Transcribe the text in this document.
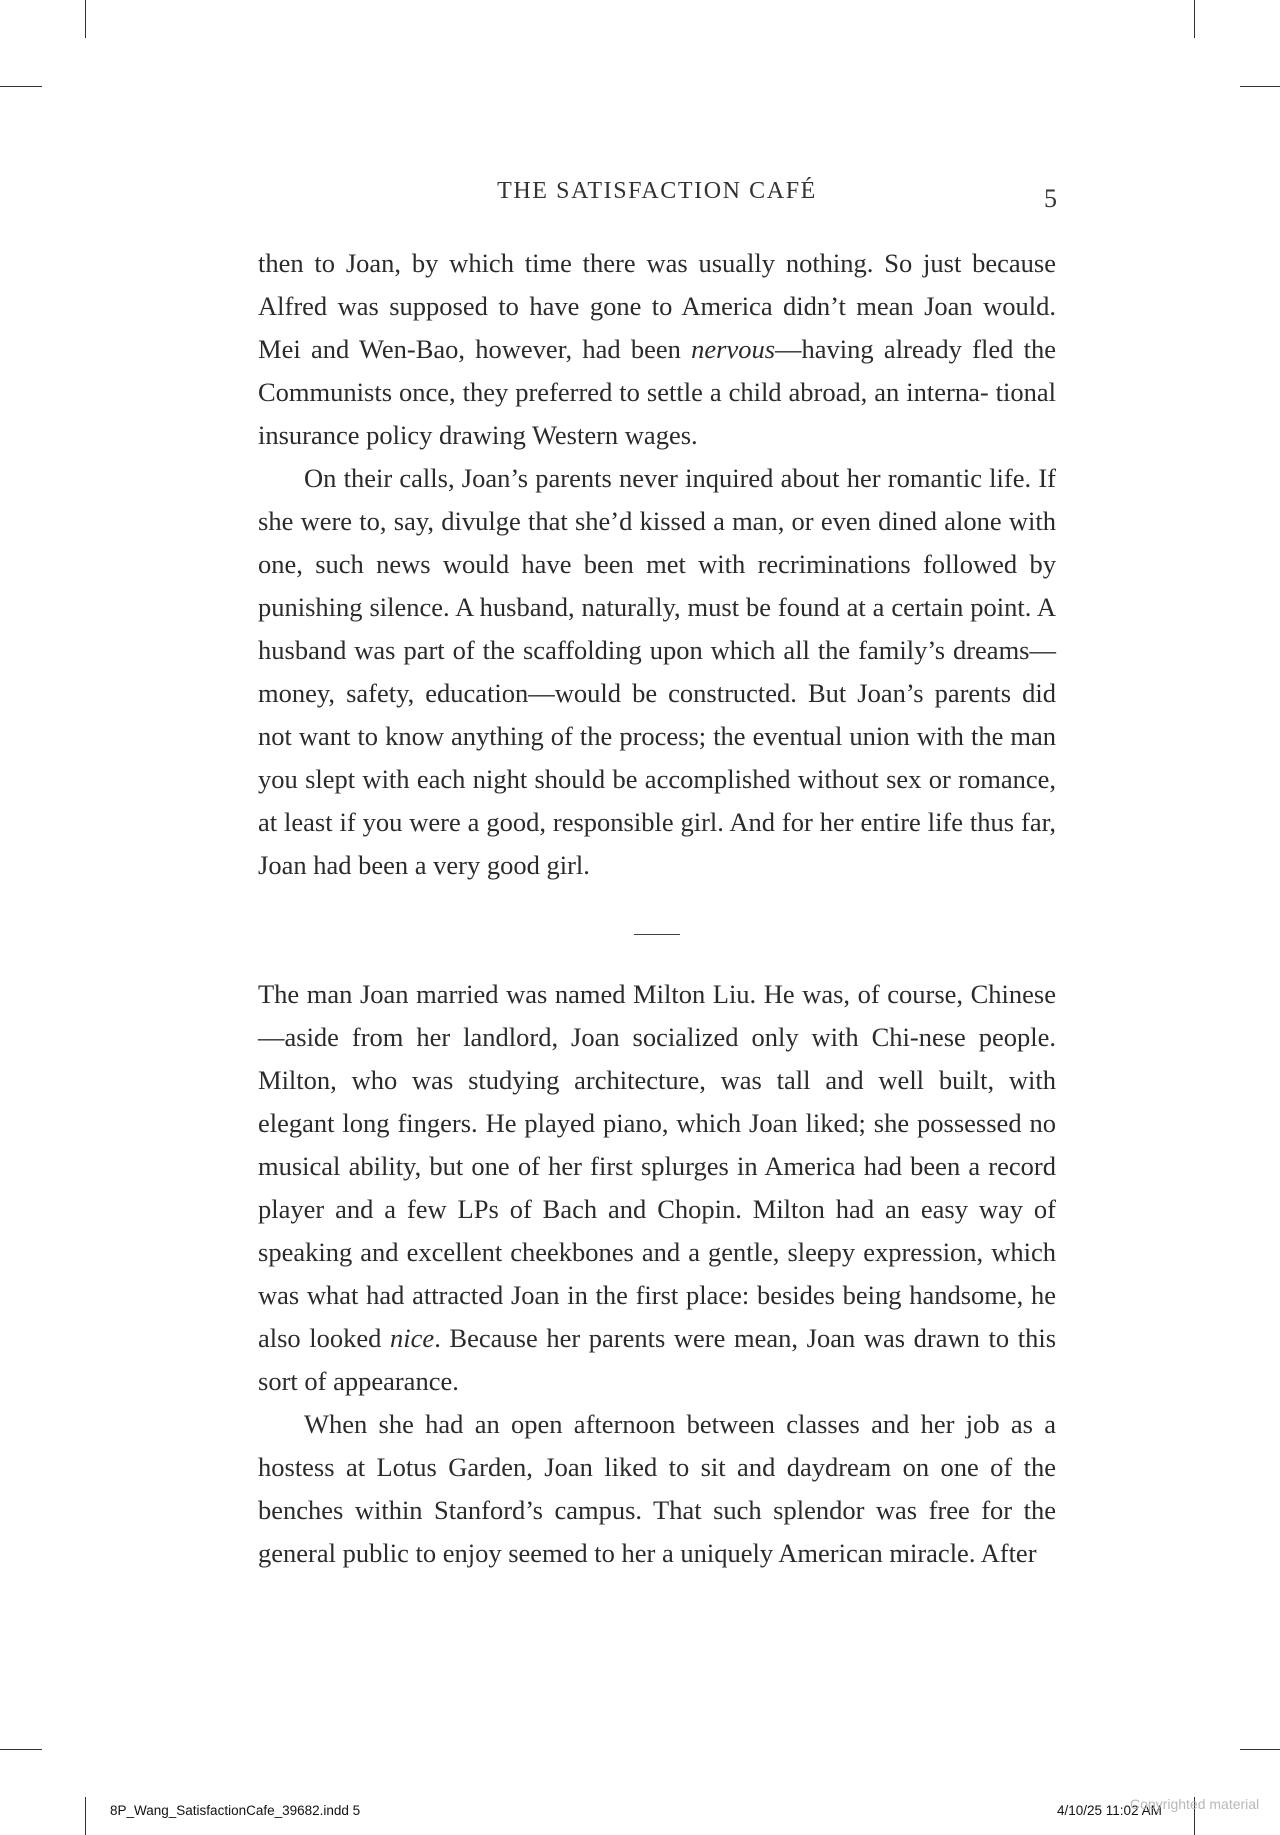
THE SATISFACTION CAFÉ	5

then to Joan, by which time there was usually nothing. So just because Alfred was supposed to have gone to America didn’t mean Joan would. Mei and Wen-Bao, however, had been nervous—having already fled the Communists once, they preferred to settle a child abroad, an interna- tional insurance policy drawing Western wages.

On their calls, Joan’s parents never inquired about her romantic life. If she were to, say, divulge that she’d kissed a man, or even dined alone with one, such news would have been met with recriminations followed by punishing silence. A husband, naturally, must be found at a certain point. A husband was part of the scaffolding upon which all the family’s dreams—money, safety, education—would be constructed. But Joan’s parents did not want to know anything of the process; the eventual union with the man you slept with each night should be accomplished without sex or romance, at least if you were a good, responsible girl. And for her entire life thus far, Joan had been a very good girl.

The man Joan married was named Milton Liu. He was, of course, Chinese—aside from her landlord, Joan socialized only with Chi-nese people. Milton, who was studying architecture, was tall and well built, with elegant long fingers. He played piano, which Joan liked; she possessed no musical ability, but one of her first splurges in America had been a record player and a few LPs of Bach and Chopin. Milton had an easy way of speaking and excellent cheekbones and a gentle, sleepy expression, which was what had attracted Joan in the first place: besides being handsome, he also looked nice. Because her parents were mean, Joan was drawn to this sort of appearance.

When she had an open afternoon between classes and her job as a hostess at Lotus Garden, Joan liked to sit and daydream on one of the benches within Stanford’s campus. That such splendor was free for the general public to enjoy seemed to her a uniquely American miracle. After

8P_Wang_SatisfactionCafe_39682.indd 5	4/10/25 11:02 AM
Copyrighted material
